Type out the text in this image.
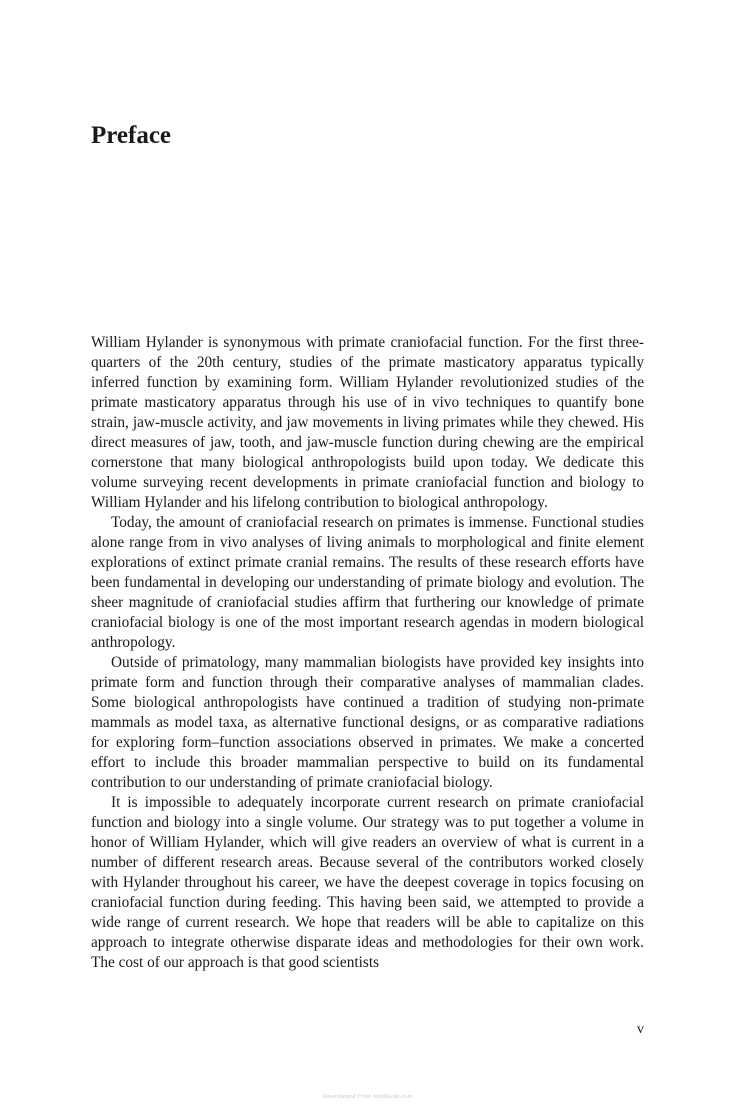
Preface

William Hylander is synonymous with primate craniofacial function. For the first three-quarters of the 20th century, studies of the primate masticatory apparatus typically inferred function by examining form. William Hylander revolutionized studies of the primate masticatory apparatus through his use of in vivo techniques to quantify bone strain, jaw-muscle activity, and jaw movements in living primates while they chewed. His direct measures of jaw, tooth, and jaw-muscle function during chewing are the empirical cornerstone that many biological anthropologists build upon today. We dedicate this volume surveying recent developments in primate craniofacial function and biology to William Hylander and his lifelong contribution to biological anthropology.

Today, the amount of craniofacial research on primates is immense. Functional studies alone range from in vivo analyses of living animals to morphological and finite element explorations of extinct primate cranial remains. The results of these research efforts have been fundamental in developing our understanding of primate biology and evolution. The sheer magnitude of craniofacial studies affirm that furthering our knowledge of primate craniofacial biology is one of the most important research agendas in modern biological anthropology.

Outside of primatology, many mammalian biologists have provided key insights into primate form and function through their comparative analyses of mammalian clades. Some biological anthropologists have continued a tradition of studying non-primate mammals as model taxa, as alternative functional designs, or as comparative radiations for exploring form–function associations observed in primates. We make a concerted effort to include this broader mammalian perspective to build on its fundamental contribution to our understanding of primate craniofacial biology.

It is impossible to adequately incorporate current research on primate craniofacial function and biology into a single volume. Our strategy was to put together a volume in honor of William Hylander, which will give readers an overview of what is current in a number of different research areas. Because several of the contributors worked closely with Hylander throughout his career, we have the deepest coverage in topics focusing on craniofacial function during feeding. This having been said, we attempted to provide a wide range of current research. We hope that readers will be able to capitalize on this approach to integrate otherwise disparate ideas and methodologies for their own work. The cost of our approach is that good scientists

v
Downloaded From VetoBooks.com
